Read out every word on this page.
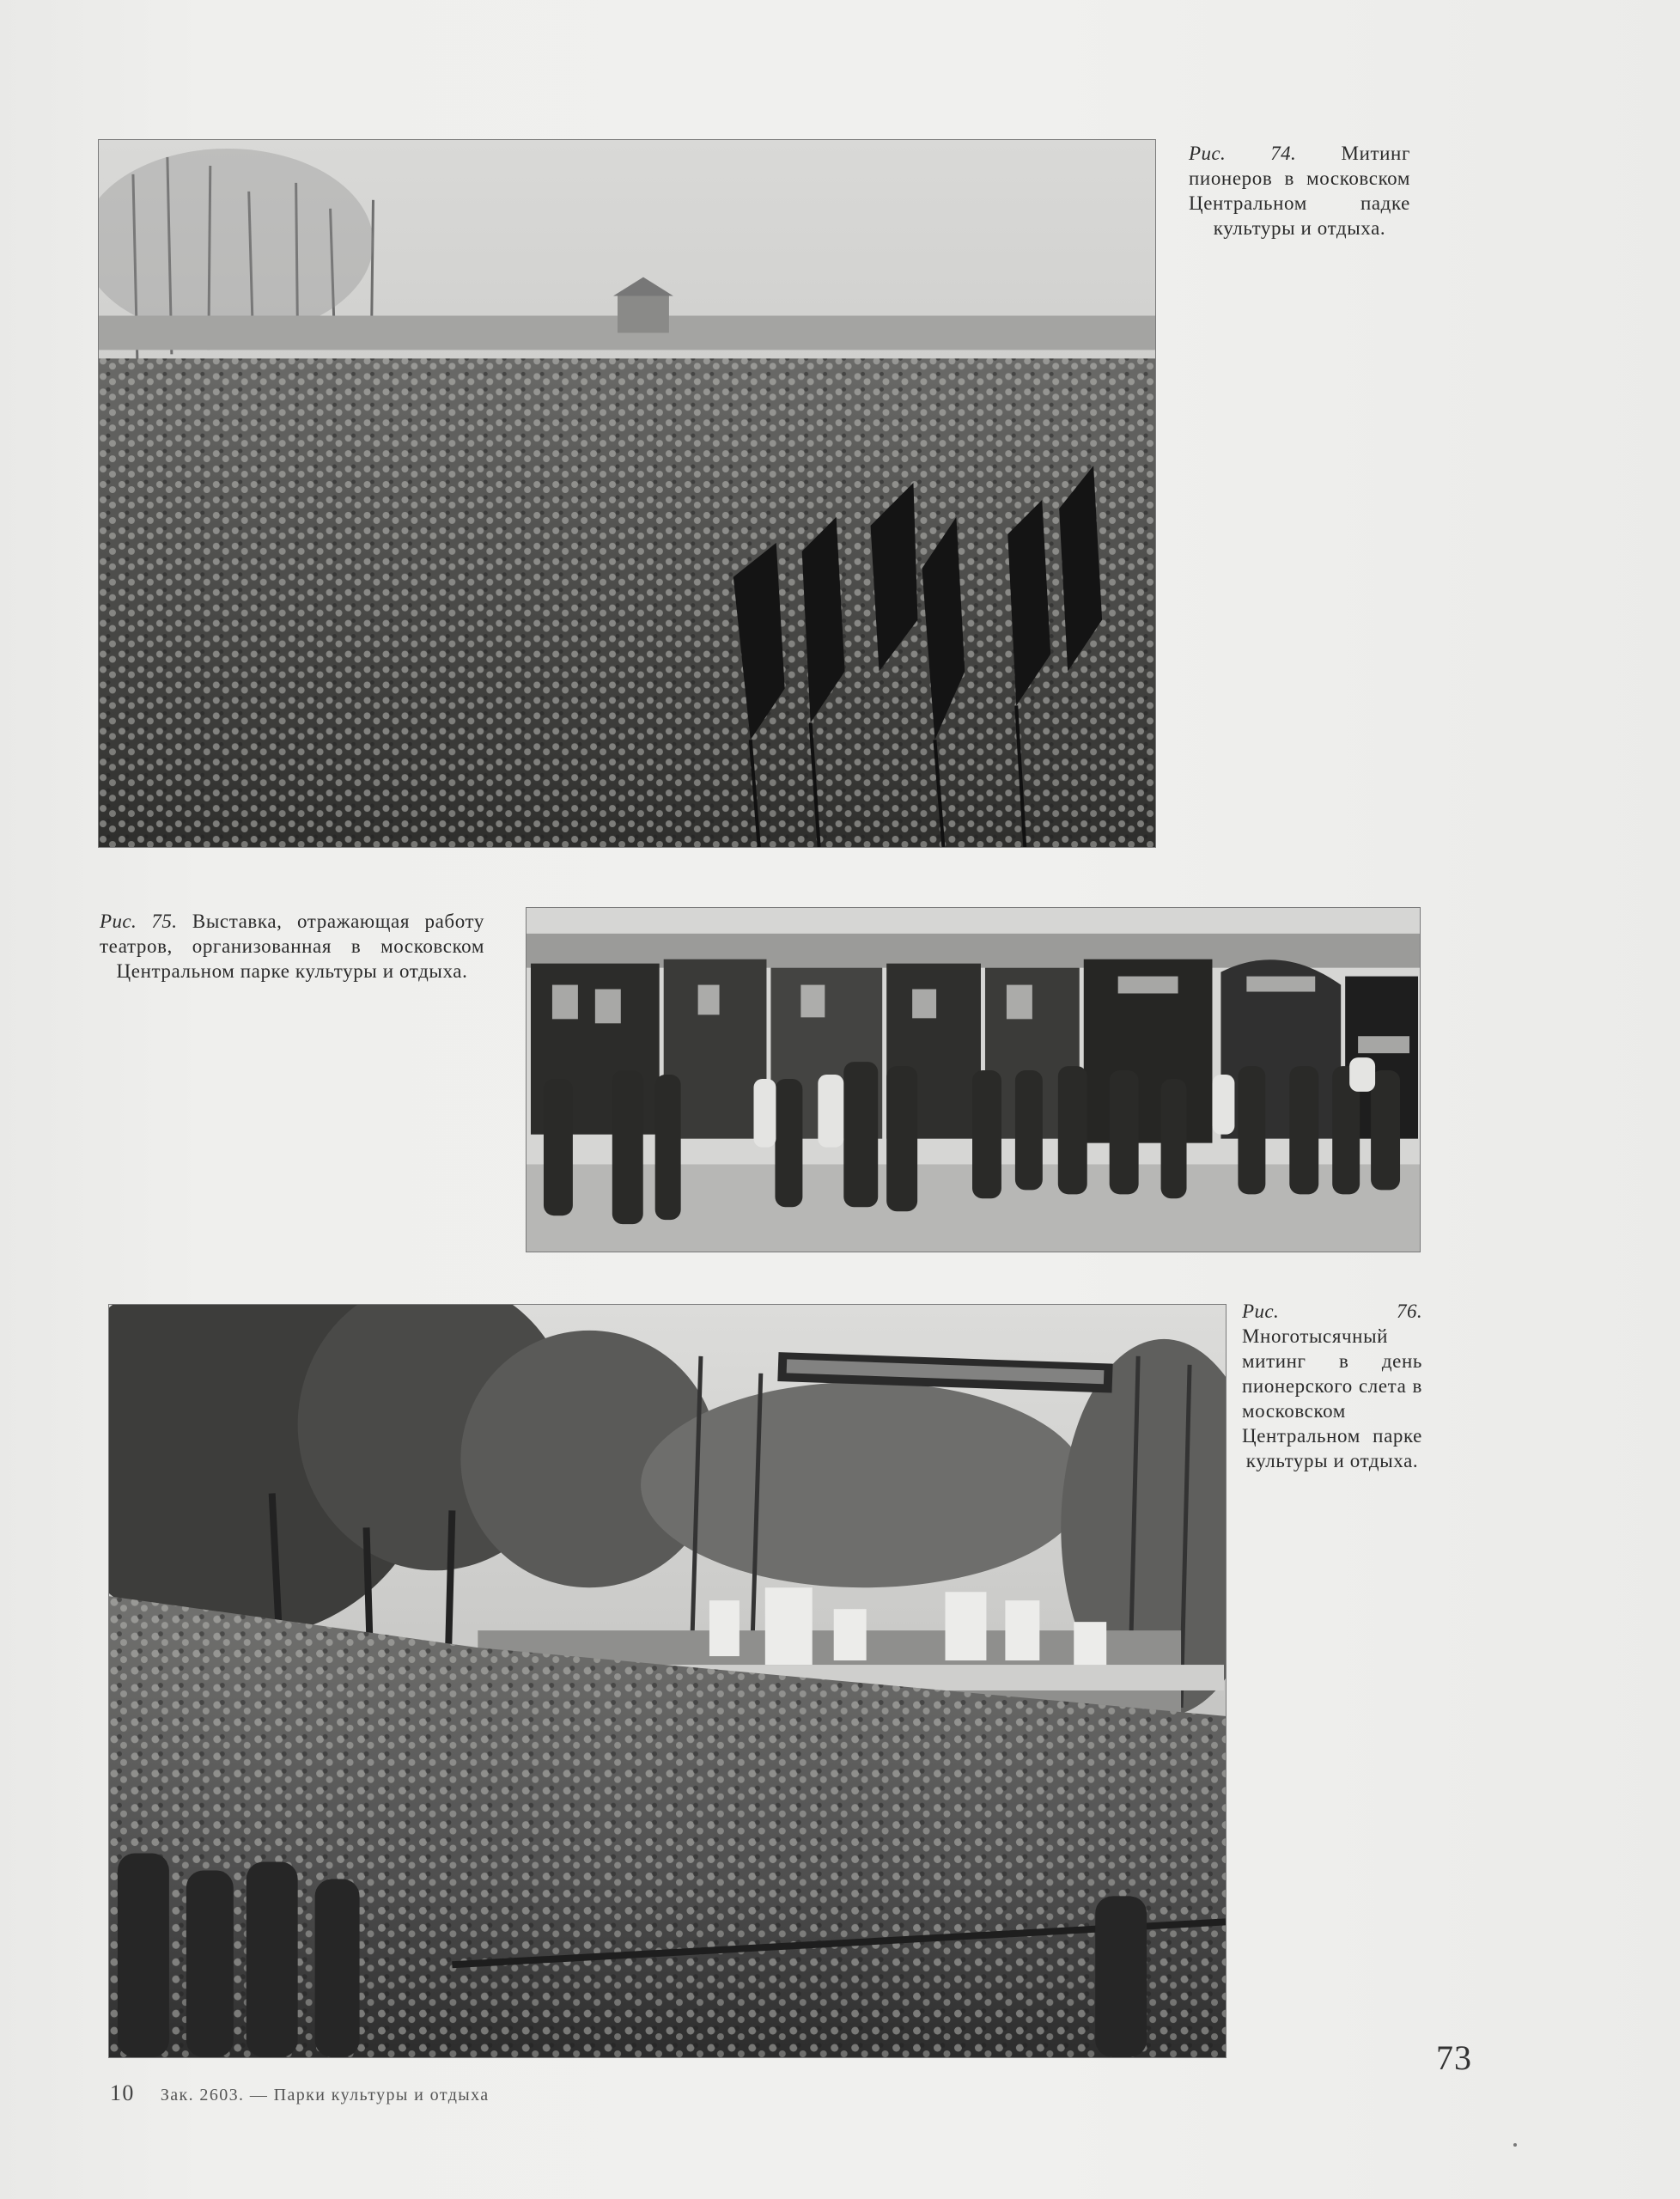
Рис. 74. Митинг пионеров в московском Центральном падке культуры и отдыха.
Рис. 75. Выставка, отражающая работу театров, организованная в московском Центральном парке культуры и отдыха.
Рис. 76. Многотысячный митинг в день пионерского слета в московском Центральном парке культуры и отдыха.
73
10 Зак. 2603. — Парки культуры и отдыха
